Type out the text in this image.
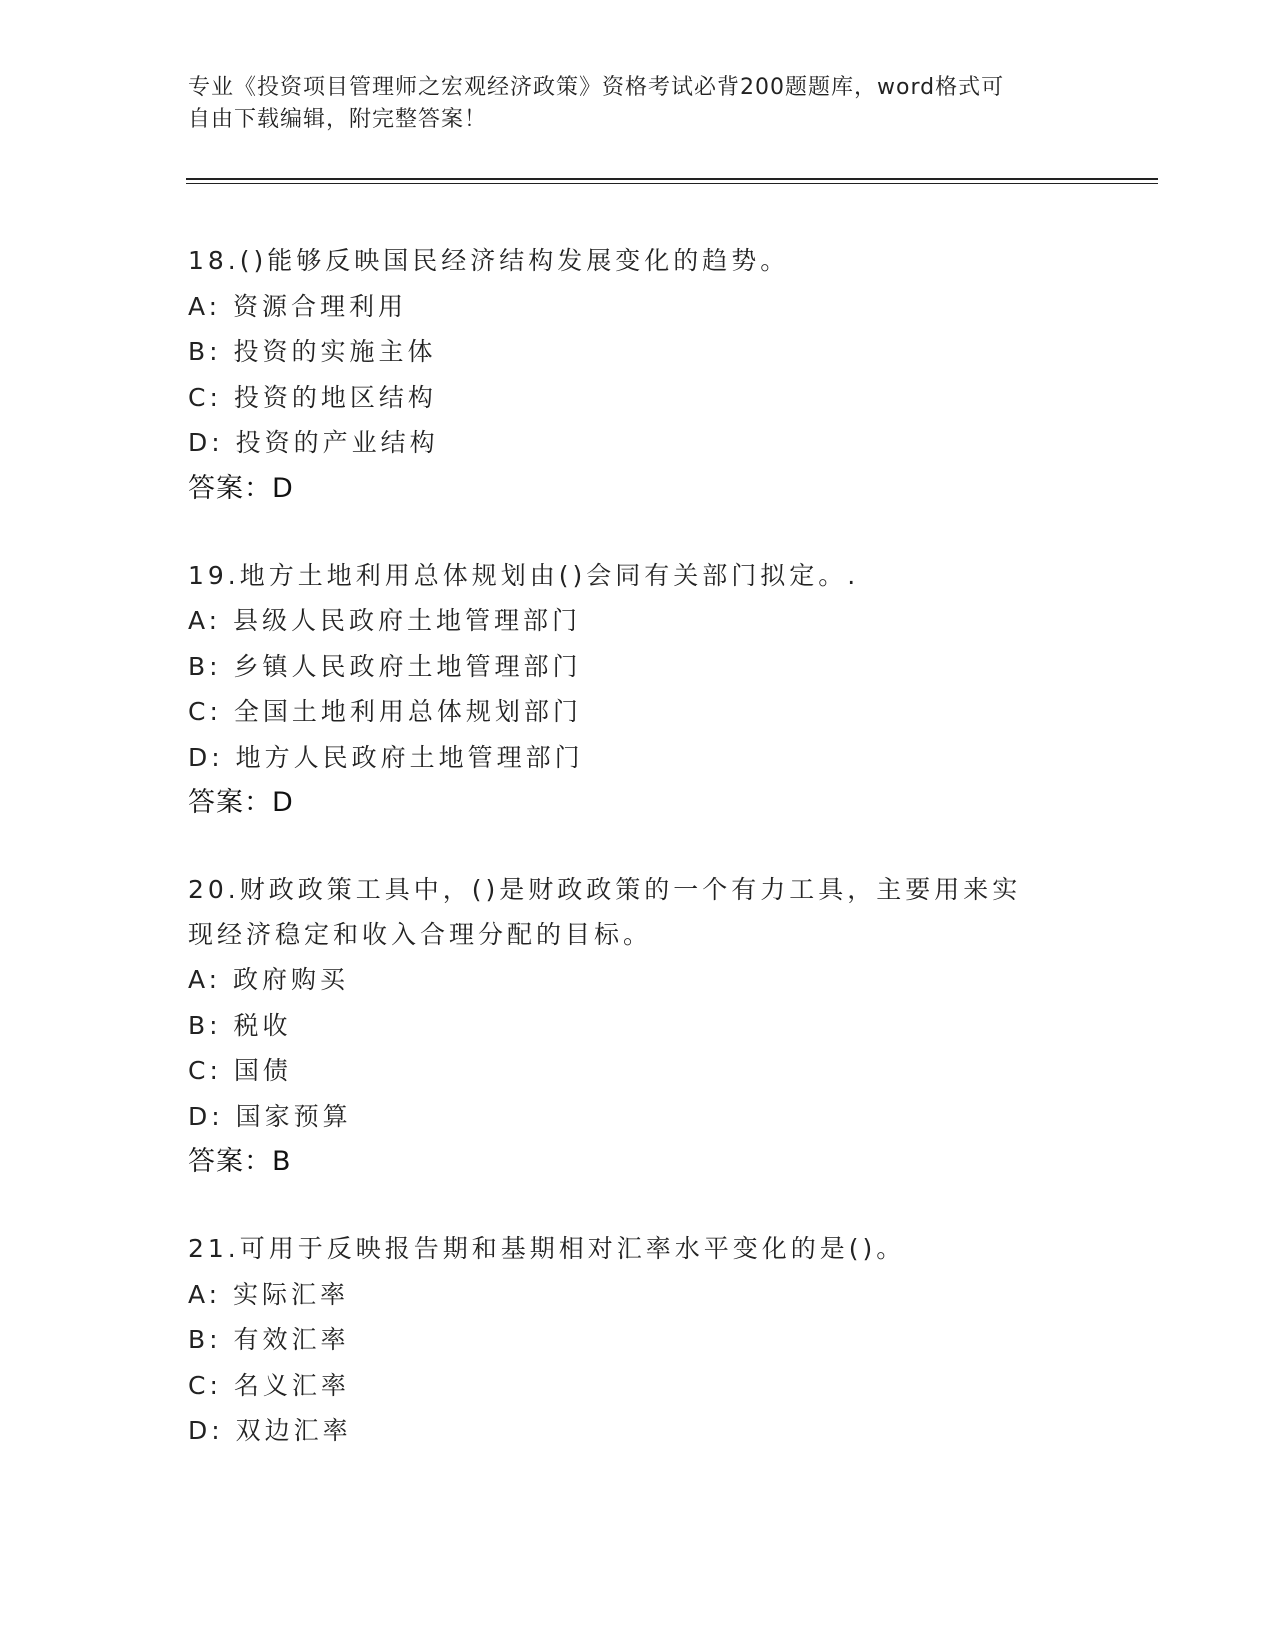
专业《投资项目管理师之宏观经济政策》资格考试必背200题题库，word格式可
自由下载编辑，附完整答案！
18.()能够反映国民经济结构发展变化的趋势。
A: 资源合理利用
B: 投资的实施主体
C: 投资的地区结构
D: 投资的产业结构
答案：D
19.地方土地利用总体规划由()会同有关部门拟定。.
A: 县级人民政府土地管理部门
B: 乡镇人民政府土地管理部门
C: 全国土地利用总体规划部门
D: 地方人民政府土地管理部门
答案：D
20.财政政策工具中，()是财政政策的一个有力工具，主要用来实现经济稳定和收入合理分配的目标。
A: 政府购买
B: 税收
C: 国债
D: 国家预算
答案：B
21.可用于反映报告期和基期相对汇率水平变化的是()。
A: 实际汇率
B: 有效汇率
C: 名义汇率
D: 双边汇率
